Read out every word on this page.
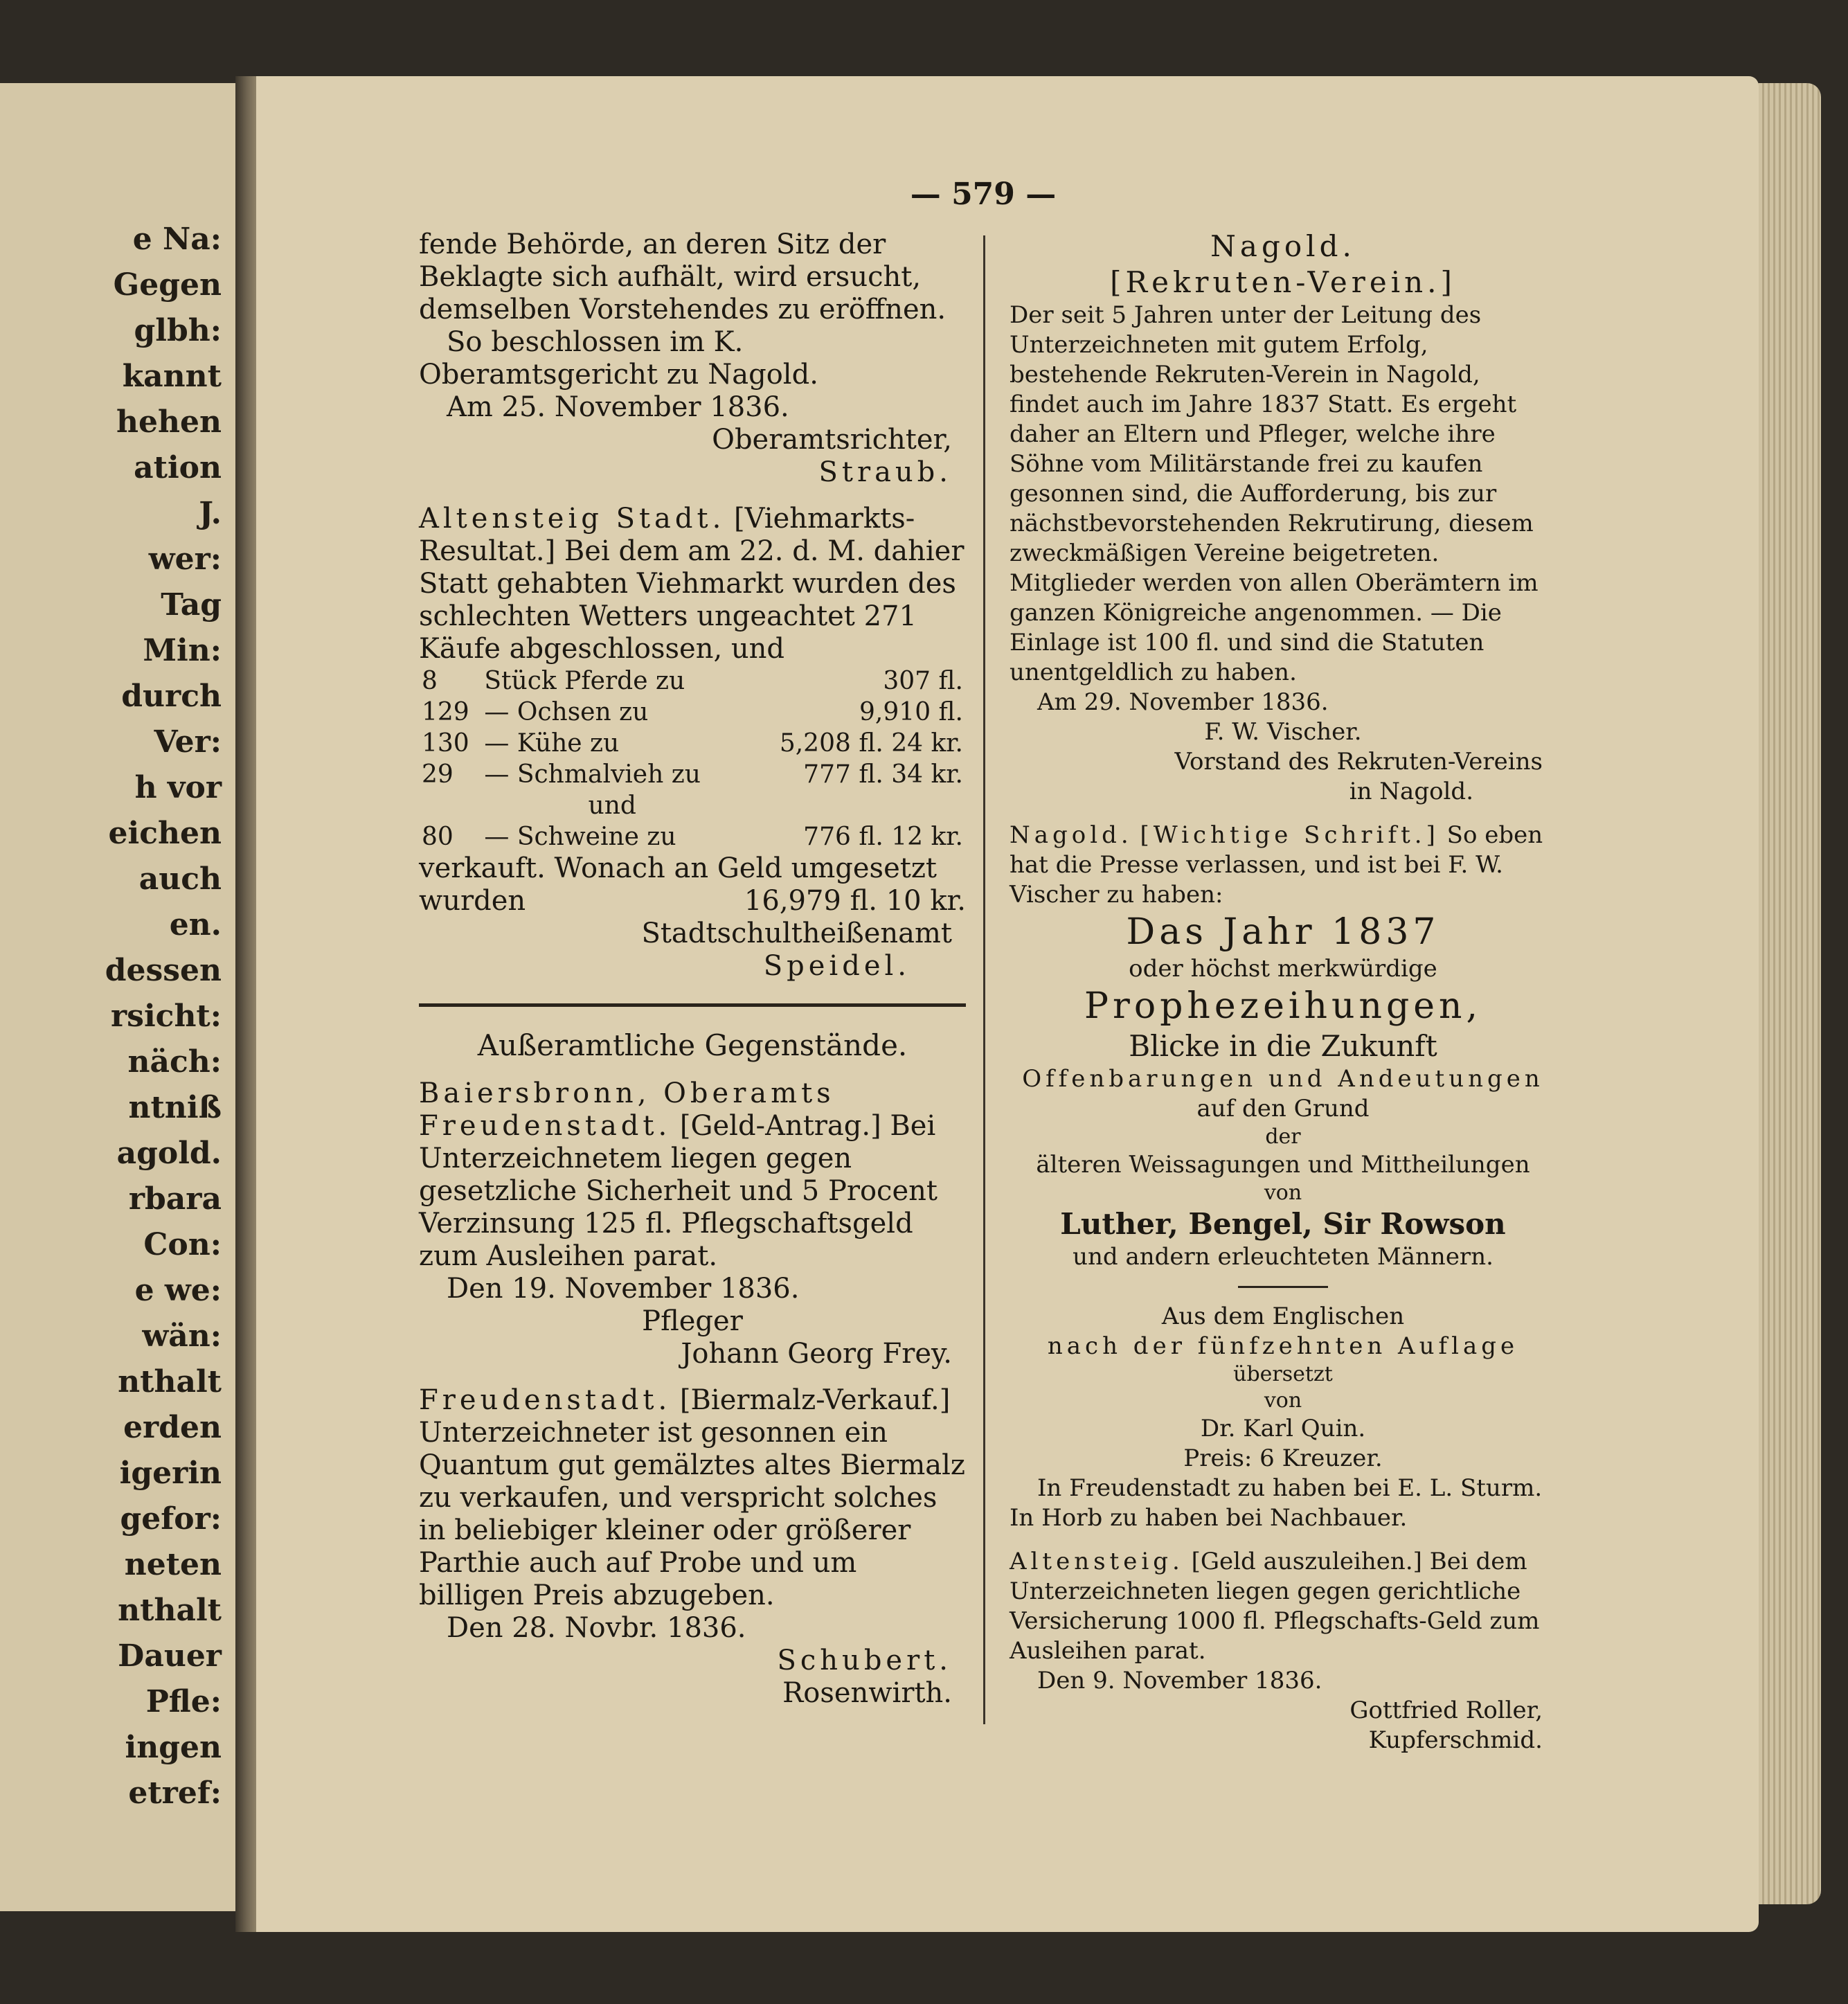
e Na:
Gegen
glbh:
kannt
hehen
ation
J.
wer:
Tag
Min:
durch
Ver:
h vor
eichen
auch
en.
dessen
rsicht:
näch:
ntniß
agold.
rbara
Con:
e we:
wän:
nthalt
erden
igerin
gefor:
neten
nthalt
Dauer
Pfle:
ingen
etref:
— 579 —
fende Behörde, an deren Sitz der Beklagte sich aufhält, wird ersucht, demselben Vorstehendes zu eröffnen.
So beschlossen im K. Oberamtsgericht zu Nagold.
Am 25. November 1836.
Oberamtsrichter,
Straub.
Altensteig Stadt. [Viehmarkts-Resultat.] Bei dem am 22. d. M. dahier Statt gehabten Viehmarkt wurden des schlechten Wetters ungeachtet 271 Käufe abgeschlossen, und
8	Stück Pferde zu	307 fl.
129	— Ochsen zu	9,910 fl.
130	— Kühe zu	5,208 fl. 24 kr.
29	— Schmalvieh zu	777 fl. 34 kr.
	und	
80	— Schweine zu	776 fl. 12 kr.
verkauft. Wonach an Geld umgesetzt
wurden	16,979 fl. 10 kr.
Stadtschultheißenamt
Speidel.
Außeramtliche Gegenstände.
Baiersbronn, Oberamts Freudenstadt. [Geld-Antrag.] Bei Unterzeichnetem liegen gegen gesetzliche Sicherheit und 5 Procent Verzinsung 125 fl. Pflegschaftsgeld zum Ausleihen parat.
Den 19. November 1836.
Pfleger
Johann Georg Frey.
Freudenstadt. [Biermalz-Verkauf.] Unterzeichneter ist gesonnen ein Quantum gut gemälztes altes Biermalz zu verkaufen, und verspricht solches in beliebiger kleiner oder größerer Parthie auch auf Probe und um billigen Preis abzugeben.
Den 28. Novbr. 1836.
Schubert.
Rosenwirth.
Nagold.
[Rekruten-Verein.]
Der seit 5 Jahren unter der Leitung des Unterzeichneten mit gutem Erfolg, bestehende Rekruten-Verein in Nagold, findet auch im Jahre 1837 Statt. Es ergeht daher an Eltern und Pfleger, welche ihre Söhne vom Militärstande frei zu kaufen gesonnen sind, die Aufforderung, bis zur nächstbevorstehenden Rekrutirung, diesem zweckmäßigen Vereine beigetreten. Mitglieder werden von allen Oberämtern im ganzen Königreiche angenommen. — Die Einlage ist 100 fl. und sind die Statuten unentgeldlich zu haben.
Am 29. November 1836.
F. W. Vischer.
Vorstand des Rekruten-Vereins
in Nagold.
Nagold. [Wichtige Schrift.] So eben hat die Presse verlassen, und ist bei F. W. Vischer zu haben:
Das Jahr 1837
oder höchst merkwürdige
Prophezeihungen,
Blicke in die Zukunft
Offenbarungen und Andeutungen
auf den Grund
der
älteren Weissagungen und Mittheilungen
von
Luther, Bengel, Sir Rowson
und andern erleuchteten Männern.
Aus dem Englischen
nach der fünfzehnten Auflage
übersetzt
von
Dr. Karl Quin.
Preis: 6 Kreuzer.
In Freudenstadt zu haben bei E. L. Sturm. In Horb zu haben bei Nachbauer.
Altensteig. [Geld auszuleihen.] Bei dem Unterzeichneten liegen gegen gerichtliche Versicherung 1000 fl. Pflegschafts-Geld zum Ausleihen parat.
Den 9. November 1836.
Gottfried Roller,
Kupferschmid.
